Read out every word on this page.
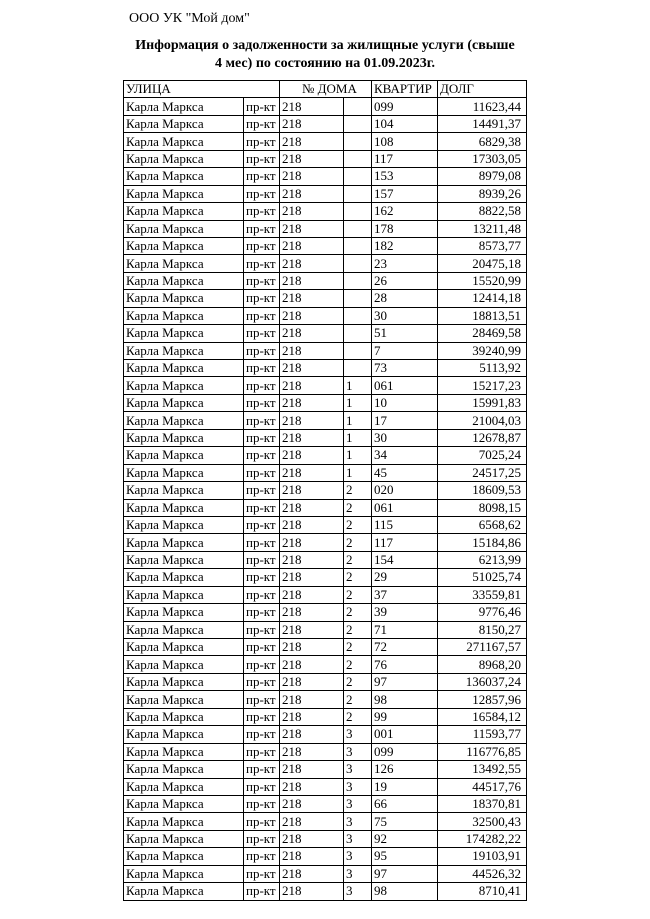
ООО УК "Мой дом"
Информация о задолженности за жилищные услуги (свыше
4 мес) по состоянию на 01.09.2023г.
УЛИЦА		№ ДОМА		КВАРТИР	ДОЛГ
Карла Маркса	пр-кт	218		099	11623,44
Карла Маркса	пр-кт	218		104	14491,37
Карла Маркса	пр-кт	218		108	6829,38
Карла Маркса	пр-кт	218		117	17303,05
Карла Маркса	пр-кт	218		153	8979,08
Карла Маркса	пр-кт	218		157	8939,26
Карла Маркса	пр-кт	218		162	8822,58
Карла Маркса	пр-кт	218		178	13211,48
Карла Маркса	пр-кт	218		182	8573,77
Карла Маркса	пр-кт	218		23	20475,18
Карла Маркса	пр-кт	218		26	15520,99
Карла Маркса	пр-кт	218		28	12414,18
Карла Маркса	пр-кт	218		30	18813,51
Карла Маркса	пр-кт	218		51	28469,58
Карла Маркса	пр-кт	218		7	39240,99
Карла Маркса	пр-кт	218		73	5113,92
Карла Маркса	пр-кт	218	1	061	15217,23
Карла Маркса	пр-кт	218	1	10	15991,83
Карла Маркса	пр-кт	218	1	17	21004,03
Карла Маркса	пр-кт	218	1	30	12678,87
Карла Маркса	пр-кт	218	1	34	7025,24
Карла Маркса	пр-кт	218	1	45	24517,25
Карла Маркса	пр-кт	218	2	020	18609,53
Карла Маркса	пр-кт	218	2	061	8098,15
Карла Маркса	пр-кт	218	2	115	6568,62
Карла Маркса	пр-кт	218	2	117	15184,86
Карла Маркса	пр-кт	218	2	154	6213,99
Карла Маркса	пр-кт	218	2	29	51025,74
Карла Маркса	пр-кт	218	2	37	33559,81
Карла Маркса	пр-кт	218	2	39	9776,46
Карла Маркса	пр-кт	218	2	71	8150,27
Карла Маркса	пр-кт	218	2	72	271167,57
Карла Маркса	пр-кт	218	2	76	8968,20
Карла Маркса	пр-кт	218	2	97	136037,24
Карла Маркса	пр-кт	218	2	98	12857,96
Карла Маркса	пр-кт	218	2	99	16584,12
Карла Маркса	пр-кт	218	3	001	11593,77
Карла Маркса	пр-кт	218	3	099	116776,85
Карла Маркса	пр-кт	218	3	126	13492,55
Карла Маркса	пр-кт	218	3	19	44517,76
Карла Маркса	пр-кт	218	3	66	18370,81
Карла Маркса	пр-кт	218	3	75	32500,43
Карла Маркса	пр-кт	218	3	92	174282,22
Карла Маркса	пр-кт	218	3	95	19103,91
Карла Маркса	пр-кт	218	3	97	44526,32
Карла Маркса	пр-кт	218	3	98	8710,41
